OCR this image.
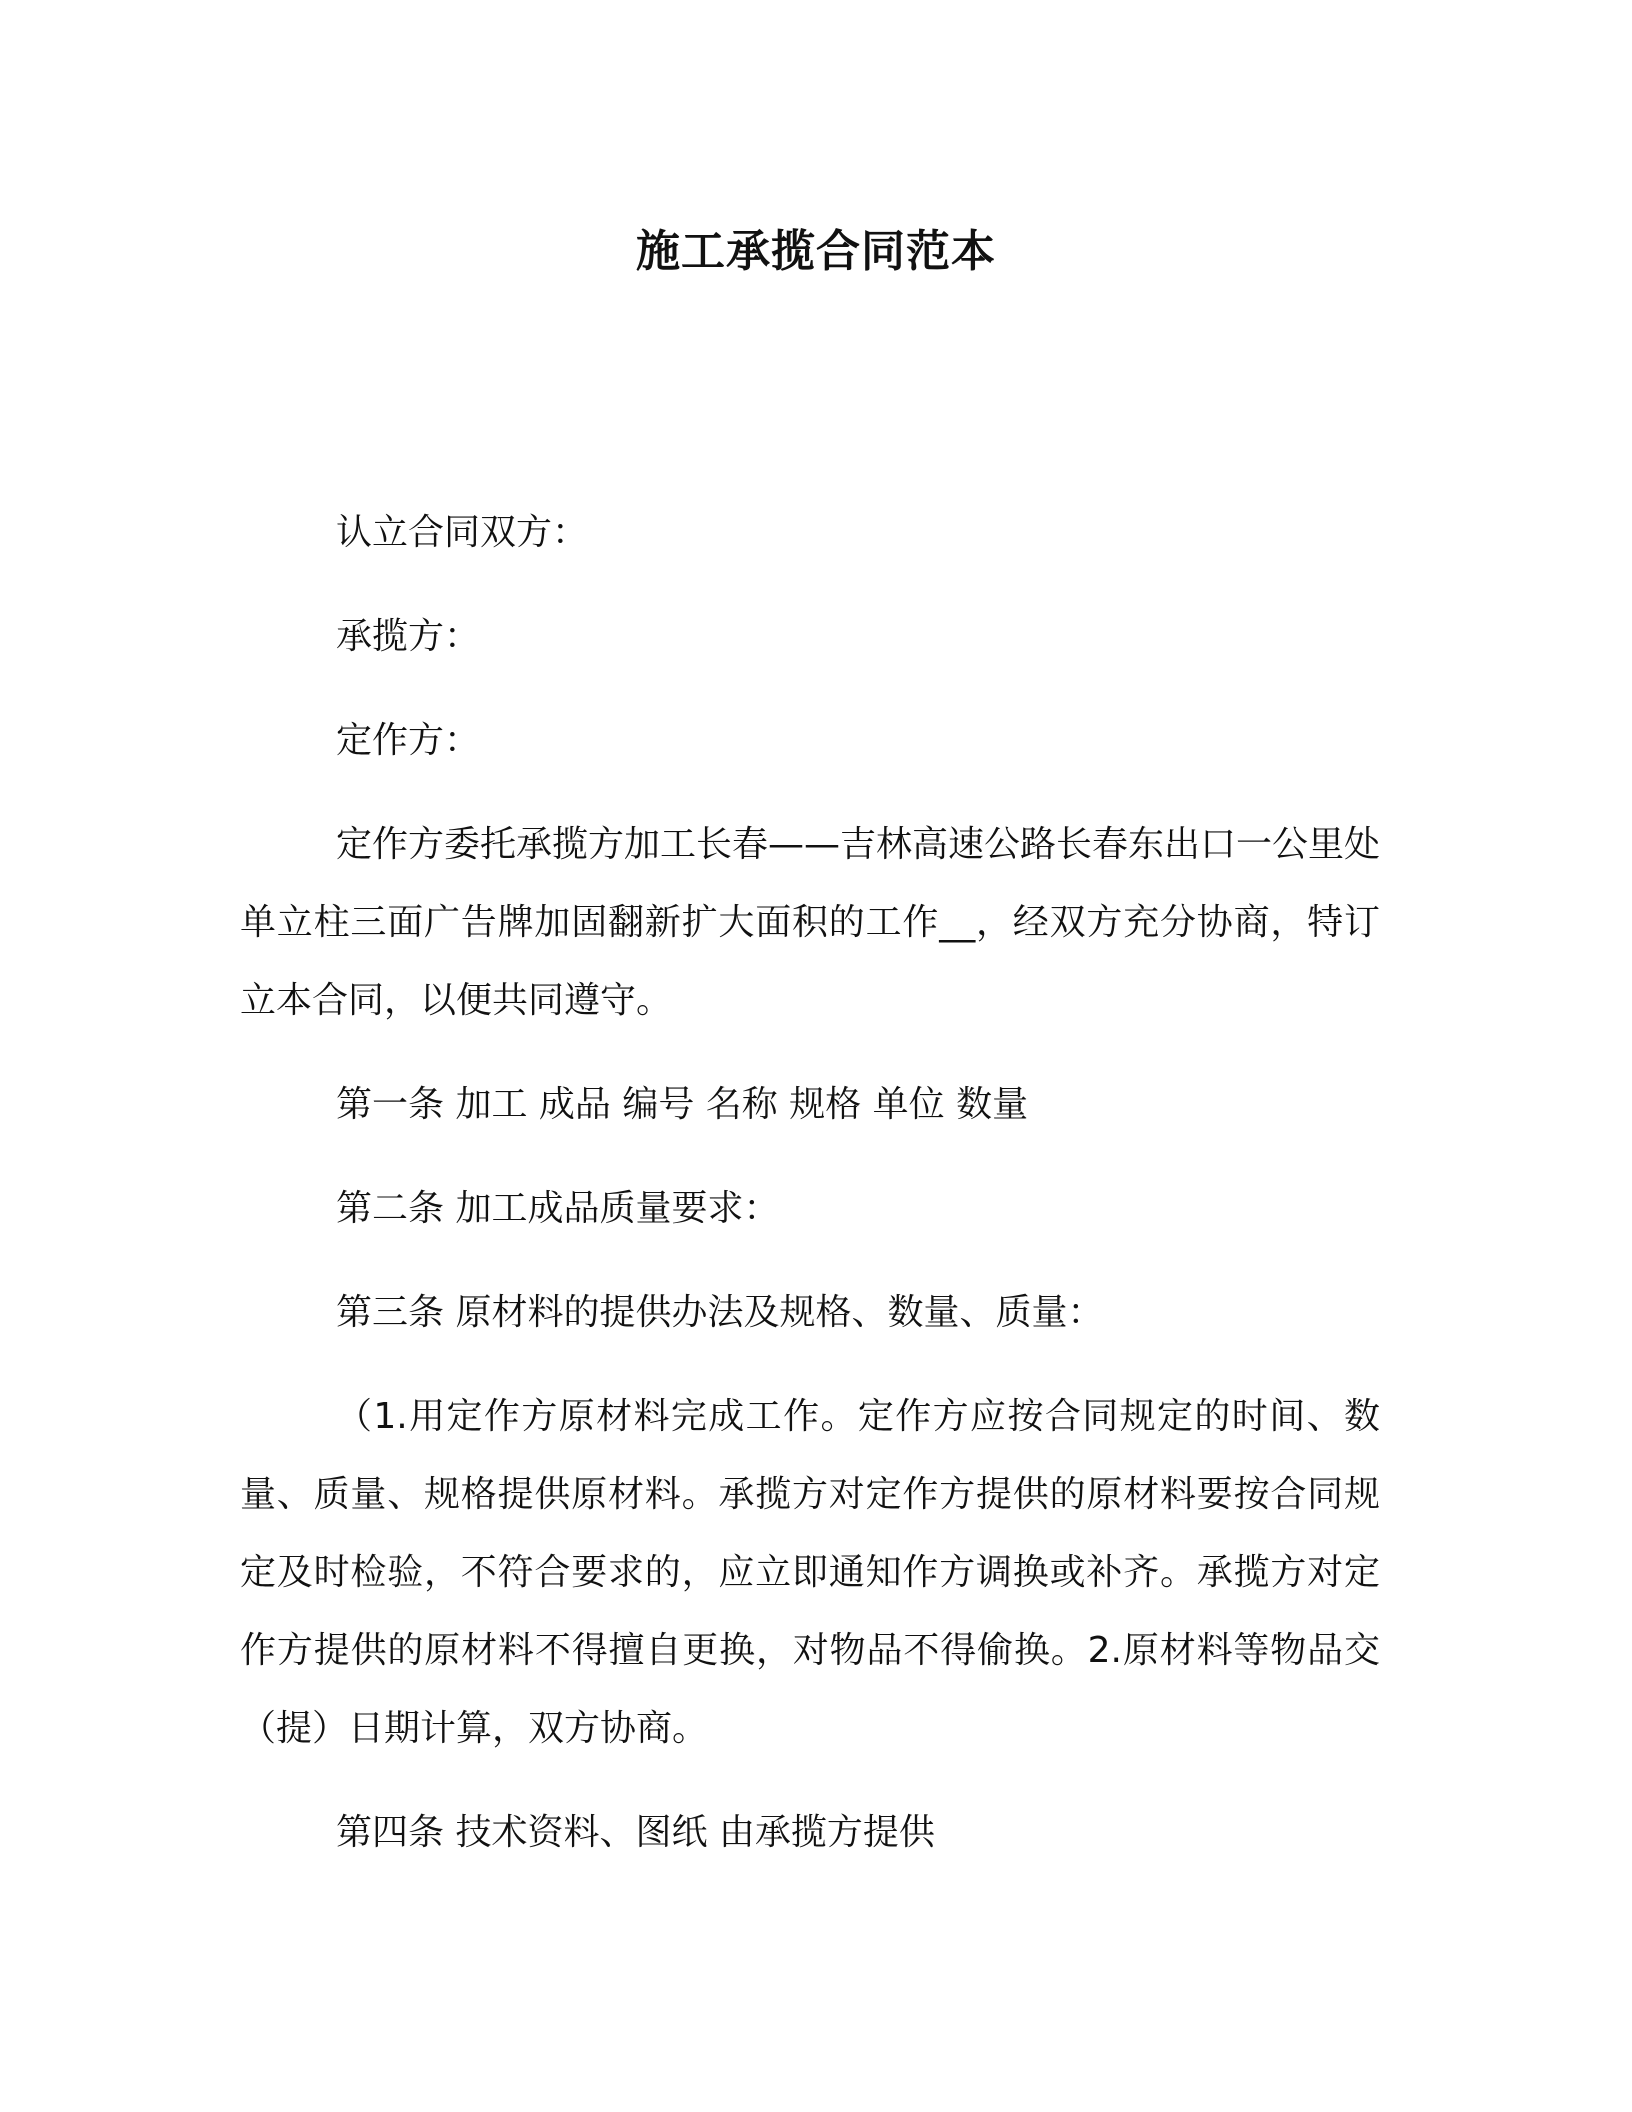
施工承揽合同范本

认立合同双方：

承揽方：

定作方：

定作方委托承揽方加工长春——吉林高速公路长春东出口一公里处单立柱三面广告牌加固翻新扩大面积的工作__，经双方充分协商，特订立本合同，以便共同遵守。

第一条 加工 成品 编号 名称 规格 单位 数量

第二条 加工成品质量要求：

第三条 原材料的提供办法及规格、数量、质量：

（1.用定作方原材料完成工作。定作方应按合同规定的时间、数量、质量、规格提供原材料。承揽方对定作方提供的原材料要按合同规定及时检验，不符合要求的，应立即通知作方调换或补齐。承揽方对定作方提供的原材料不得擅自更换，对物品不得偷换。2.原材料等物品交（提）日期计算，双方协商。

第四条 技术资料、图纸 由承揽方提供
